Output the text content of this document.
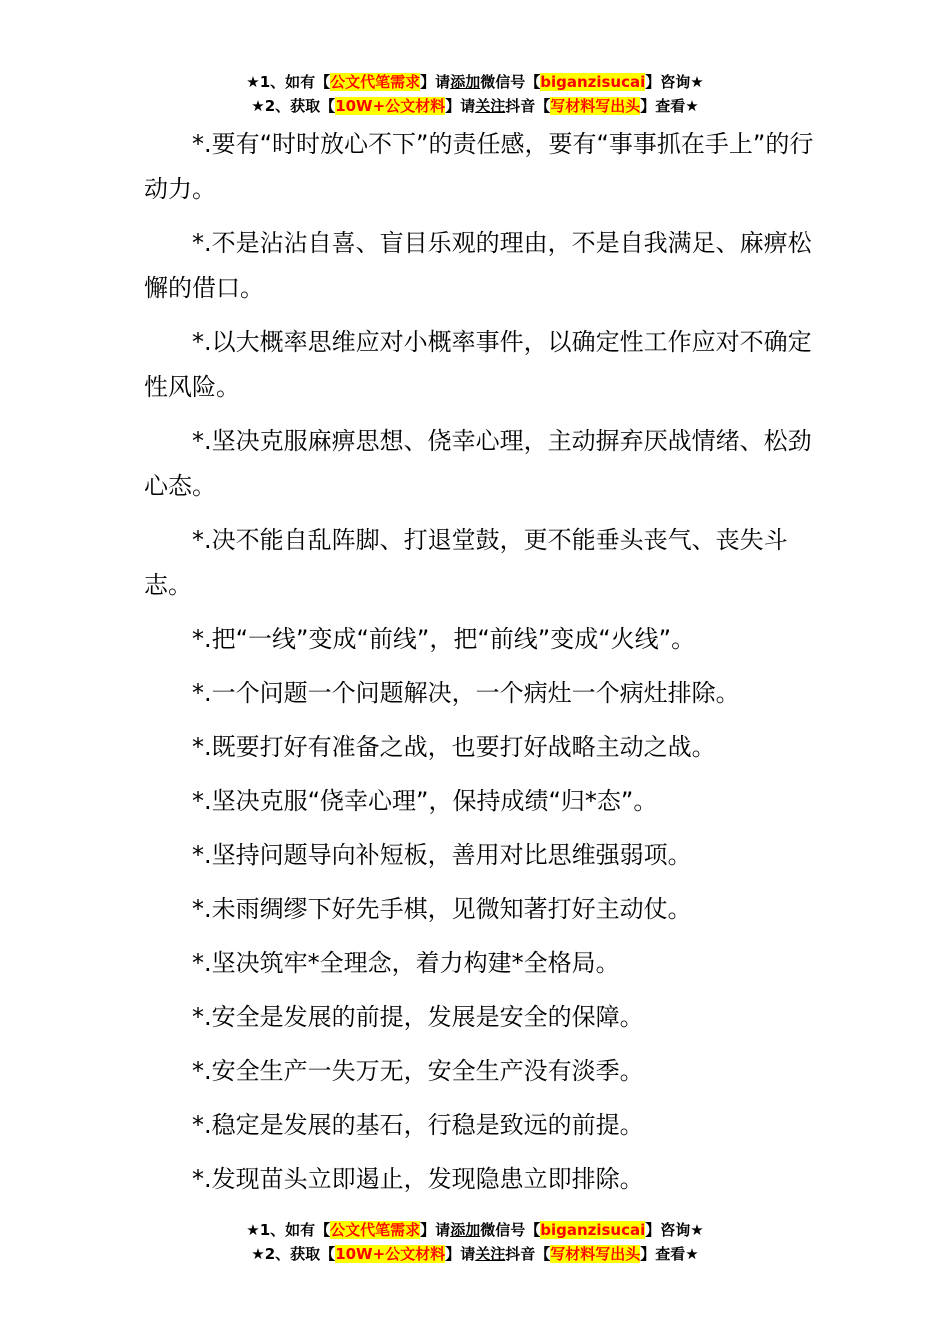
★1、如有【公文代笔需求】请添加微信号【biganzisucai】咨询★
★2、获取【10W+公文材料】请关注抖音【写材料写出头】查看★

*.要有“时时放心不下”的责任感，要有“事事抓在手上”的行动力。

*.不是沾沾自喜、盲目乐观的理由，不是自我满足、麻痹松懈的借口。

*.以大概率思维应对小概率事件，以确定性工作应对不确定性风险。

*.坚决克服麻痹思想、侥幸心理，主动摒弃厌战情绪、松劲心态。

*.决不能自乱阵脚、打退堂鼓，更不能垂头丧气、丧失斗志。

*.把“一线”变成“前线”，把“前线”变成“火线”。

*.一个问题一个问题解决，一个病灶一个病灶排除。

*.既要打好有准备之战，也要打好战略主动之战。

*.坚决克服“侥幸心理”，保持成绩“归*态”。

*.坚持问题导向补短板，善用对比思维强弱项。

*.未雨绸缪下好先手棋，见微知著打好主动仗。

*.坚决筑牢*全理念，着力构建*全格局。

*.安全是发展的前提，发展是安全的保障。

*.安全生产一失万无，安全生产没有淡季。

*.稳定是发展的基石，行稳是致远的前提。

*.发现苗头立即遏止，发现隐患立即排除。

★1、如有【公文代笔需求】请添加微信号【biganzisucai】咨询★
★2、获取【10W+公文材料】请关注抖音【写材料写出头】查看★
